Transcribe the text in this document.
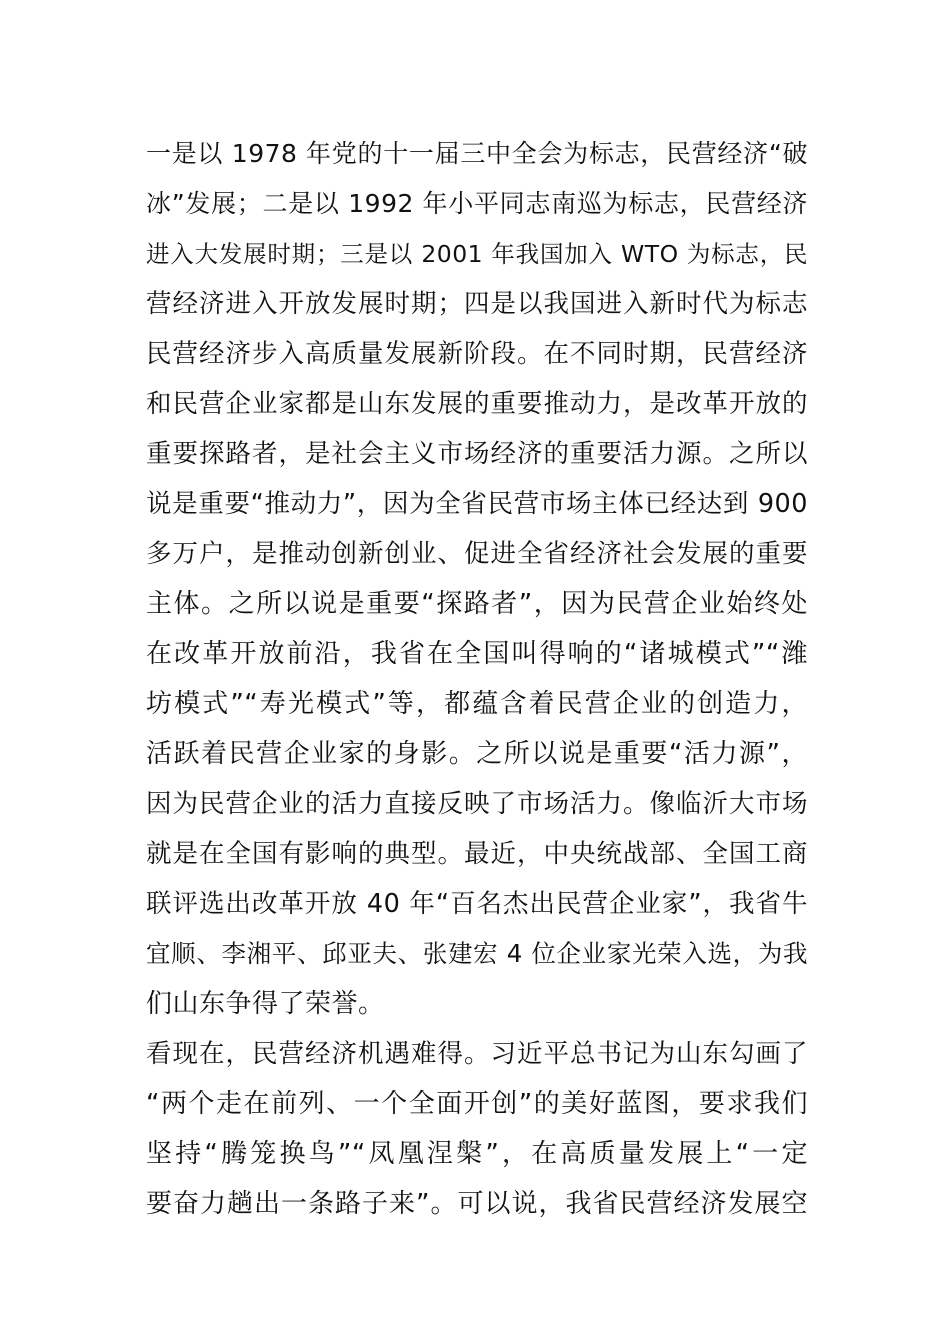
一是以 1978 年党的十一届三中全会为标志，民营经济“破
冰”发展；二是以 1992 年小平同志南巡为标志，民营经济
进入大发展时期；三是以 2001 年我国加入 WTO 为标志，民
营经济进入开放发展时期；四是以我国进入新时代为标志
民营经济步入高质量发展新阶段。在不同时期，民营经济
和民营企业家都是山东发展的重要推动力，是改革开放的
重要探路者，是社会主义市场经济的重要活力源。之所以
说是重要“推动力”，因为全省民营市场主体已经达到 900
多万户，是推动创新创业、促进全省经济社会发展的重要
主体。之所以说是重要“探路者”，因为民营企业始终处
在改革开放前沿，我省在全国叫得响的“诸城模式”“潍
坊模式”“寿光模式”等，都蕴含着民营企业的创造力，
活跃着民营企业家的身影。之所以说是重要“活力源”，
因为民营企业的活力直接反映了市场活力。像临沂大市场
就是在全国有影响的典型。最近，中央统战部、全国工商
联评选出改革开放 40 年“百名杰出民营企业家”，我省牛
宜顺、李湘平、邱亚夫、张建宏 4 位企业家光荣入选，为我
们山东争得了荣誉。
看现在，民营经济机遇难得。习近平总书记为山东勾画了
“两个走在前列、一个全面开创”的美好蓝图，要求我们
坚持“腾笼换鸟”“凤凰涅槃”，在高质量发展上“一定
要奋力趟出一条路子来”。可以说，我省民营经济发展空
